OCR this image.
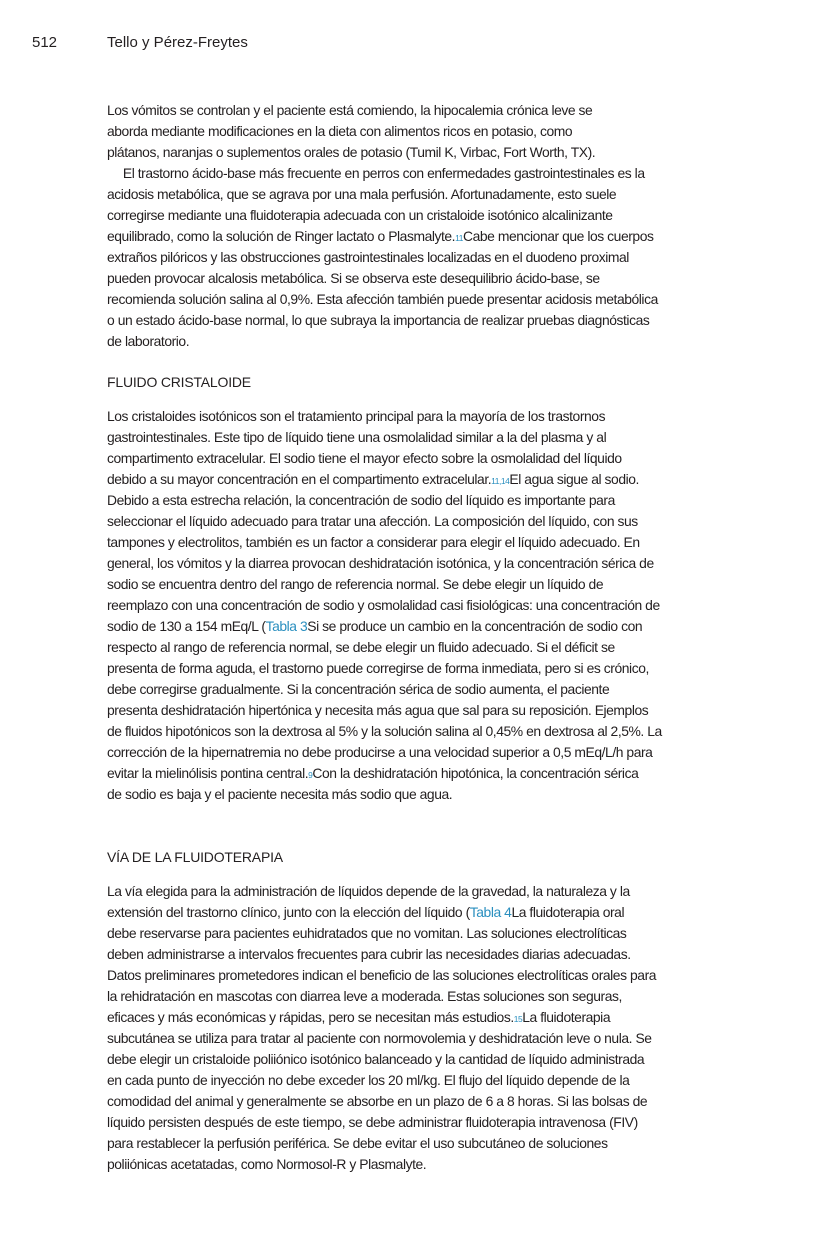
512	Tello y Pérez-Freytes
Los vómitos se controlan y el paciente está comiendo, la hipocalemia crónica leve se
aborda mediante modificaciones en la dieta con alimentos ricos en potasio, como
plátanos, naranjas o suplementos orales de potasio (Tumil K, Virbac, Fort Worth, TX).
El trastorno ácido-base más frecuente en perros con enfermedades gastrointestinales es la
acidosis metabólica, que se agrava por una mala perfusión. Afortunadamente, esto suele
corregirse mediante una fluidoterapia adecuada con un cristaloide isotónico alcalinizante
equilibrado, como la solución de Ringer lactato o Plasmalyte.11Cabe mencionar que los cuerpos
extraños pilóricos y las obstrucciones gastrointestinales localizadas en el duodeno proximal
pueden provocar alcalosis metabólica. Si se observa este desequilibrio ácido-base, se
recomienda solución salina al 0,9%. Esta afección también puede presentar acidosis metabólica
o un estado ácido-base normal, lo que subraya la importancia de realizar pruebas diagnósticas
de laboratorio.
FLUIDO CRISTALOIDE
Los cristaloides isotónicos son el tratamiento principal para la mayoría de los trastornos
gastrointestinales. Este tipo de líquido tiene una osmolalidad similar a la del plasma y al
compartimento extracelular. El sodio tiene el mayor efecto sobre la osmolalidad del líquido
debido a su mayor concentración en el compartimento extracelular.11,14El agua sigue al sodio.
Debido a esta estrecha relación, la concentración de sodio del líquido es importante para
seleccionar el líquido adecuado para tratar una afección. La composición del líquido, con sus
tampones y electrolitos, también es un factor a considerar para elegir el líquido adecuado. En
general, los vómitos y la diarrea provocan deshidratación isotónica, y la concentración sérica de
sodio se encuentra dentro del rango de referencia normal. Se debe elegir un líquido de
reemplazo con una concentración de sodio y osmolalidad casi fisiológicas: una concentración de
sodio de 130 a 154 mEq/L (Tabla 3Si se produce un cambio en la concentración de sodio con
respecto al rango de referencia normal, se debe elegir un fluido adecuado. Si el déficit se
presenta de forma aguda, el trastorno puede corregirse de forma inmediata, pero si es crónico,
debe corregirse gradualmente. Si la concentración sérica de sodio aumenta, el paciente
presenta deshidratación hipertónica y necesita más agua que sal para su reposición. Ejemplos
de fluidos hipotónicos son la dextrosa al 5% y la solución salina al 0,45% en dextrosa al 2,5%. La
corrección de la hipernatremia no debe producirse a una velocidad superior a 0,5 mEq/L/h para
evitar la mielinólisis pontina central.9Con la deshidratación hipotónica, la concentración sérica
de sodio es baja y el paciente necesita más sodio que agua.
VÍA DE LA FLUIDOTERAPIA
La vía elegida para la administración de líquidos depende de la gravedad, la naturaleza y la
extensión del trastorno clínico, junto con la elección del líquido (Tabla 4La fluidoterapia oral
debe reservarse para pacientes euhidratados que no vomitan. Las soluciones electrolíticas
deben administrarse a intervalos frecuentes para cubrir las necesidades diarias adecuadas.
Datos preliminares prometedores indican el beneficio de las soluciones electrolíticas orales para
la rehidratación en mascotas con diarrea leve a moderada. Estas soluciones son seguras,
eficaces y más económicas y rápidas, pero se necesitan más estudios.15La fluidoterapia
subcutánea se utiliza para tratar al paciente con normovolemia y deshidratación leve o nula. Se
debe elegir un cristaloide poliiónico isotónico balanceado y la cantidad de líquido administrada
en cada punto de inyección no debe exceder los 20 ml/kg. El flujo del líquido depende de la
comodidad del animal y generalmente se absorbe en un plazo de 6 a 8 horas. Si las bolsas de
líquido persisten después de este tiempo, se debe administrar fluidoterapia intravenosa (FIV)
para restablecer la perfusión periférica. Se debe evitar el uso subcutáneo de soluciones
poliiónicas acetatadas, como Normosol-R y Plasmalyte.
